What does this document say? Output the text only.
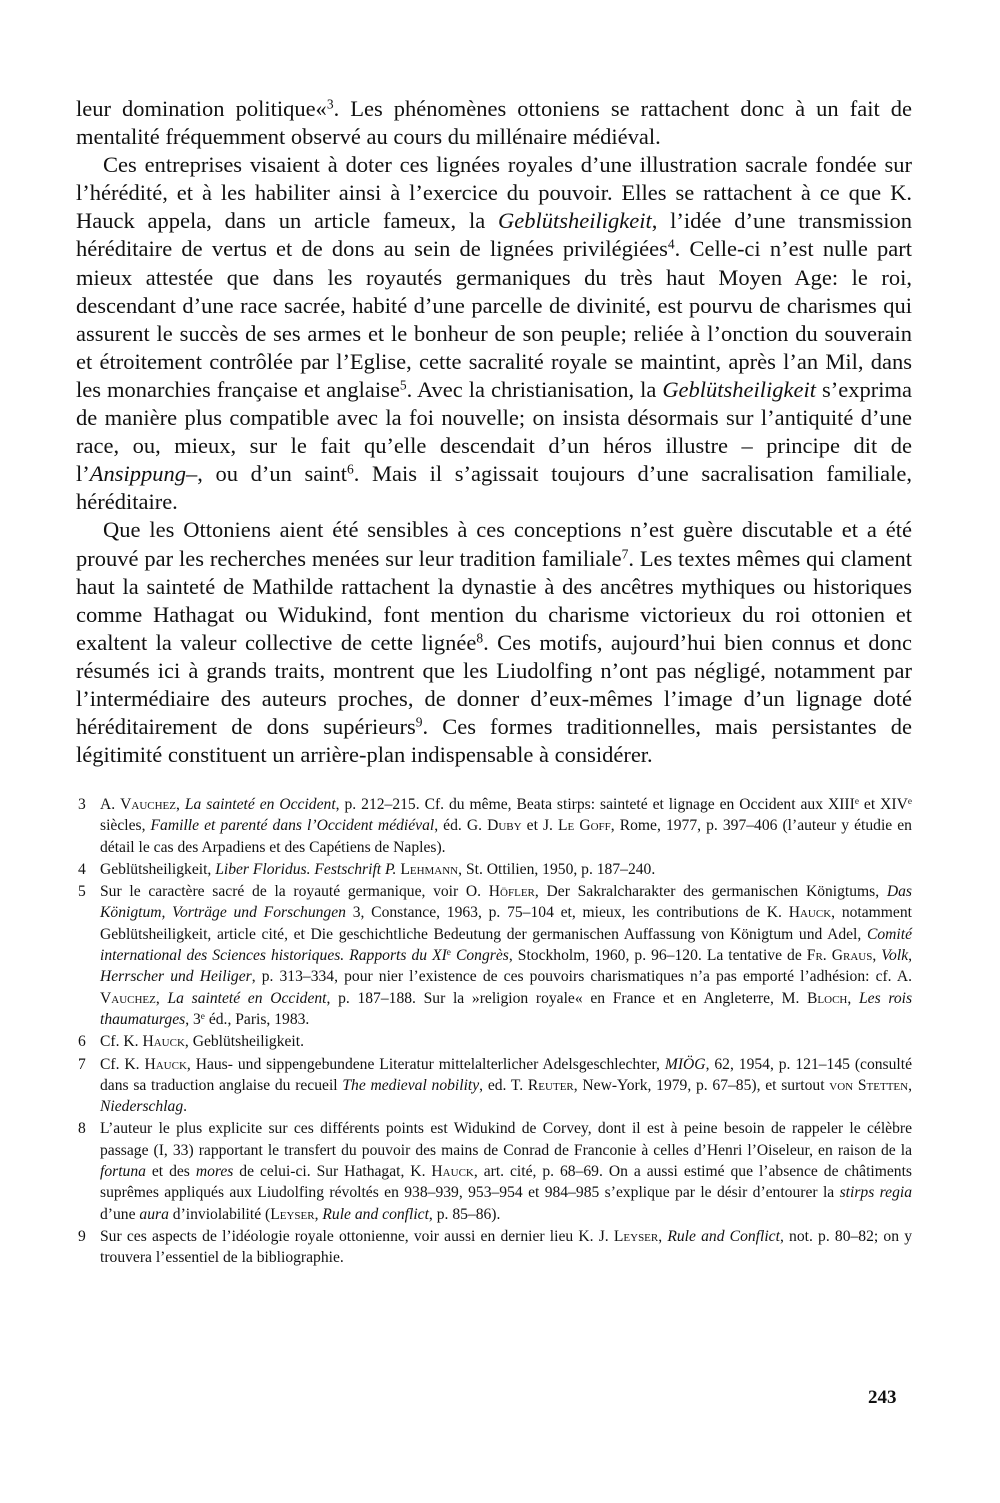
leur domination politique«$^3$. Les phénomènes ottoniens se rattachent donc à un fait de mentalité fréquemment observé au cours du millénaire médiéval.

Ces entreprises visaient à doter ces lignées royales d’une illustration sacrale fondée sur l’hérédité, et à les habiliter ainsi à l’exercice du pouvoir. Elles se rattachent à ce que K. Hauck appela, dans un article fameux, la Geblütsheiligkeit, l’idée d’une transmission héréditaire de vertus et de dons au sein de lignées privilégiées$^4$. Celle-ci n’est nulle part mieux attestée que dans les royautés germaniques du très haut Moyen Age: le roi, descendant d’une race sacrée, habité d’une parcelle de divinité, est pourvu de charismes qui assurent le succès de ses armes et le bonheur de son peuple; reliée à l’onction du souverain et étroitement contrôlée par l’Eglise, cette sacralité royale se maintint, après l’an Mil, dans les monarchies française et anglaise$^5$. Avec la christianisation, la Geblütsheiligkeit s’exprima de manière plus compatible avec la foi nouvelle; on insista désormais sur l’antiquité d’une race, ou, mieux, sur le fait qu’elle descendait d’un héros illustre – principe dit de l’Ansippung–, ou d’un saint$^6$. Mais il s’agissait toujours d’une sacralisation familiale, héréditaire.

Que les Ottoniens aient été sensibles à ces conceptions n’est guère discutable et a été prouvé par les recherches menées sur leur tradition familiale$^7$. Les textes mêmes qui clament haut la sainteté de Mathilde rattachent la dynastie à des ancêtres mythiques ou historiques comme Hathagat ou Widukind, font mention du charisme victorieux du roi ottonien et exaltent la valeur collective de cette lignée$^8$. Ces motifs, aujourd’hui bien connus et donc résumés ici à grands traits, montrent que les Liudolfing n’ont pas négligé, notamment par l’intermédiaire des auteurs proches, de donner d’eux-mêmes l’image d’un lignage doté héréditairement de dons supérieurs$^9$. Ces formes traditionnelles, mais persistantes de légitimité constituent un arrière-plan indispensable à considérer.

3 A. Vauchez, La sainteté en Occident, p. 212–215. Cf. du même, Beata stirps: sainteté et lignage en Occident aux XIIIe et XIVe siècles, Famille et parenté dans l’Occident médiéval, éd. G. Duby et J. Le Goff, Rome, 1977, p. 397–406 (l’auteur y étudie en détail le cas des Arpadiens et des Capétiens de Naples).
4 Geblütsheiligkeit, Liber Floridus. Festschrift P. Lehmann, St. Ottilien, 1950, p. 187–240.
5 Sur le caractère sacré de la royauté germanique, voir O. Höfler, Der Sakralcharakter des germanischen Königtums, Das Königtum, Vorträge und Forschungen 3, Constance, 1963, p. 75–104 et, mieux, les contributions de K. Hauck, notamment Geblütsheiligkeit, article cité, et Die geschichtliche Bedeutung der germanischen Auffassung von Königtum und Adel, Comité international des Sciences historiques. Rapports du XIe Congrès, Stockholm, 1960, p. 96–120. La tentative de Fr. Graus, Volk, Herrscher und Heiliger, p. 313–334, pour nier l’existence de ces pouvoirs charismatiques n’a pas emporté l’adhésion: cf. A. Vauchez, La sainteté en Occident, p. 187–188. Sur la »religion royale« en France et en Angleterre, M. Bloch, Les rois thaumaturges, 3e éd., Paris, 1983.
6 Cf. K. Hauck, Geblütsheiligkeit.
7 Cf. K. Hauck, Haus- und sippengebundene Literatur mittelalterlicher Adelsgeschlechter, MIÖG, 62, 1954, p. 121–145 (consulté dans sa traduction anglaise du recueil The medieval nobility, ed. T. Reuter, New-York, 1979, p. 67–85), et surtout von Stetten, Niederschlag.
8 L’auteur le plus explicite sur ces différents points est Widukind de Corvey, dont il est à peine besoin de rappeler le célèbre passage (I, 33) rapportant le transfert du pouvoir des mains de Conrad de Franconie à celles d’Henri l’Oiseleur, en raison de la fortuna et des mores de celui-ci. Sur Hathagat, K. Hauck, art. cité, p. 68–69. On a aussi estimé que l’absence de châtiments suprêmes appliqués aux Liudolfing révoltés en 938–939, 953–954 et 984–985 s’explique par le désir d’entourer la stirps regia d’une aura d’inviolabilité (Leyser, Rule and conflict, p. 85–86).
9 Sur ces aspects de l’idéologie royale ottonienne, voir aussi en dernier lieu K. J. Leyser, Rule and Conflict, not. p. 80–82; on y trouvera l’essentiel de la bibliographie.
243
